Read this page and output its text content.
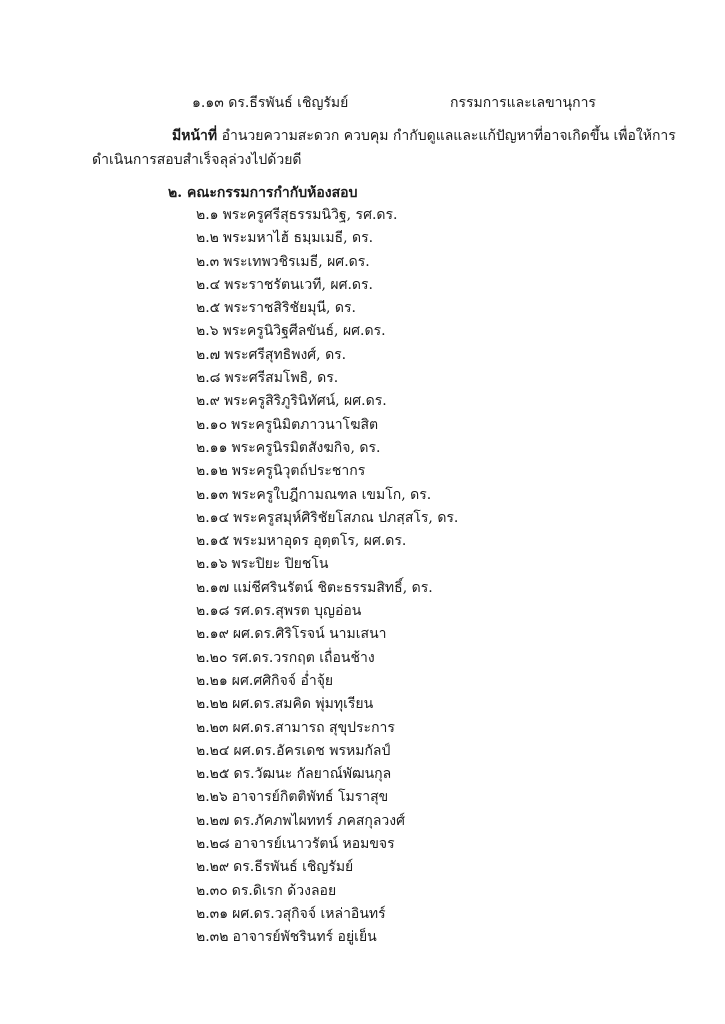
๑.๑๓ ดร.ธีรพันธ์ เชิญรัมย์	กรรมการและเลขานุการ
มีหน้าที่ อำนวยความสะดวก ควบคุม กำกับดูแลและแก้ปัญหาที่อาจเกิดขึ้น เพื่อให้การ
ดำเนินการสอบสำเร็จลุล่วงไปด้วยดี
๒. คณะกรรมการกำกับห้องสอบ
๒.๑ พระครูศรีสุธรรมนิวิฐ, รศ.ดร.
๒.๒ พระมหาไฮ้ ธมฺมเมธี, ดร.
๒.๓ พระเทพวชิรเมธี, ผศ.ดร.
๒.๔ พระราชรัตนเวที, ผศ.ดร.
๒.๕ พระราชสิริชัยมุนี, ดร.
๒.๖ พระครูนิวิฐศีลขันธ์, ผศ.ดร.
๒.๗ พระศรีสุทธิพงศ์, ดร.
๒.๘ พระศรีสมโพธิ, ดร.
๒.๙ พระครูสิริภูรินิทัศน์, ผศ.ดร.
๒.๑๐ พระครูนิมิตภาวนาโฆสิต
๒.๑๑ พระครูนิรมิตสังฆกิจ, ดร.
๒.๑๒ พระครูนิวุตถ์ประชากร
๒.๑๓ พระครูใบฎีกามณฑล เขมโก, ดร.
๒.๑๔ พระครูสมุห์ศิริชัยโสภณ ปภสฺสโร, ดร.
๒.๑๕ พระมหาอุดร อุตฺตโร, ผศ.ดร.
๒.๑๖ พระปิยะ ปิยชโน
๒.๑๗ แม่ชีศรินรัตน์ ชิตะธรรมสิทธิ์, ดร.
๒.๑๘ รศ.ดร.สุพรต บุญอ่อน
๒.๑๙ ผศ.ดร.ศิริโรจน์ นามเสนา
๒.๒๐ รศ.ดร.วรกฤต เถื่อนช้าง
๒.๒๑ ผศ.ศศิกิจจ์ อ่ำจุ้ย
๒.๒๒ ผศ.ดร.สมคิด พุ่มทุเรียน
๒.๒๓ ผศ.ดร.สามารถ สุขุประการ
๒.๒๔ ผศ.ดร.อัครเดช พรหมกัลป์
๒.๒๕ ดร.วัฒนะ กัลยาณ์พัฒนกุล
๒.๒๖ อาจารย์กิตติพัทธ์ โมราสุข
๒.๒๗ ดร.ภัคภพไผททร์ ภคสกุลวงศ์
๒.๒๘ อาจารย์เนาวรัตน์ หอมขจร
๒.๒๙ ดร.ธีรพันธ์ เชิญรัมย์
๒.๓๐ ดร.ดิเรก ด้วงลอย
๒.๓๑ ผศ.ดร.วสุกิจจ์ เหล่าอินทร์
๒.๓๒ อาจารย์พัชรินทร์ อยู่เย็น
